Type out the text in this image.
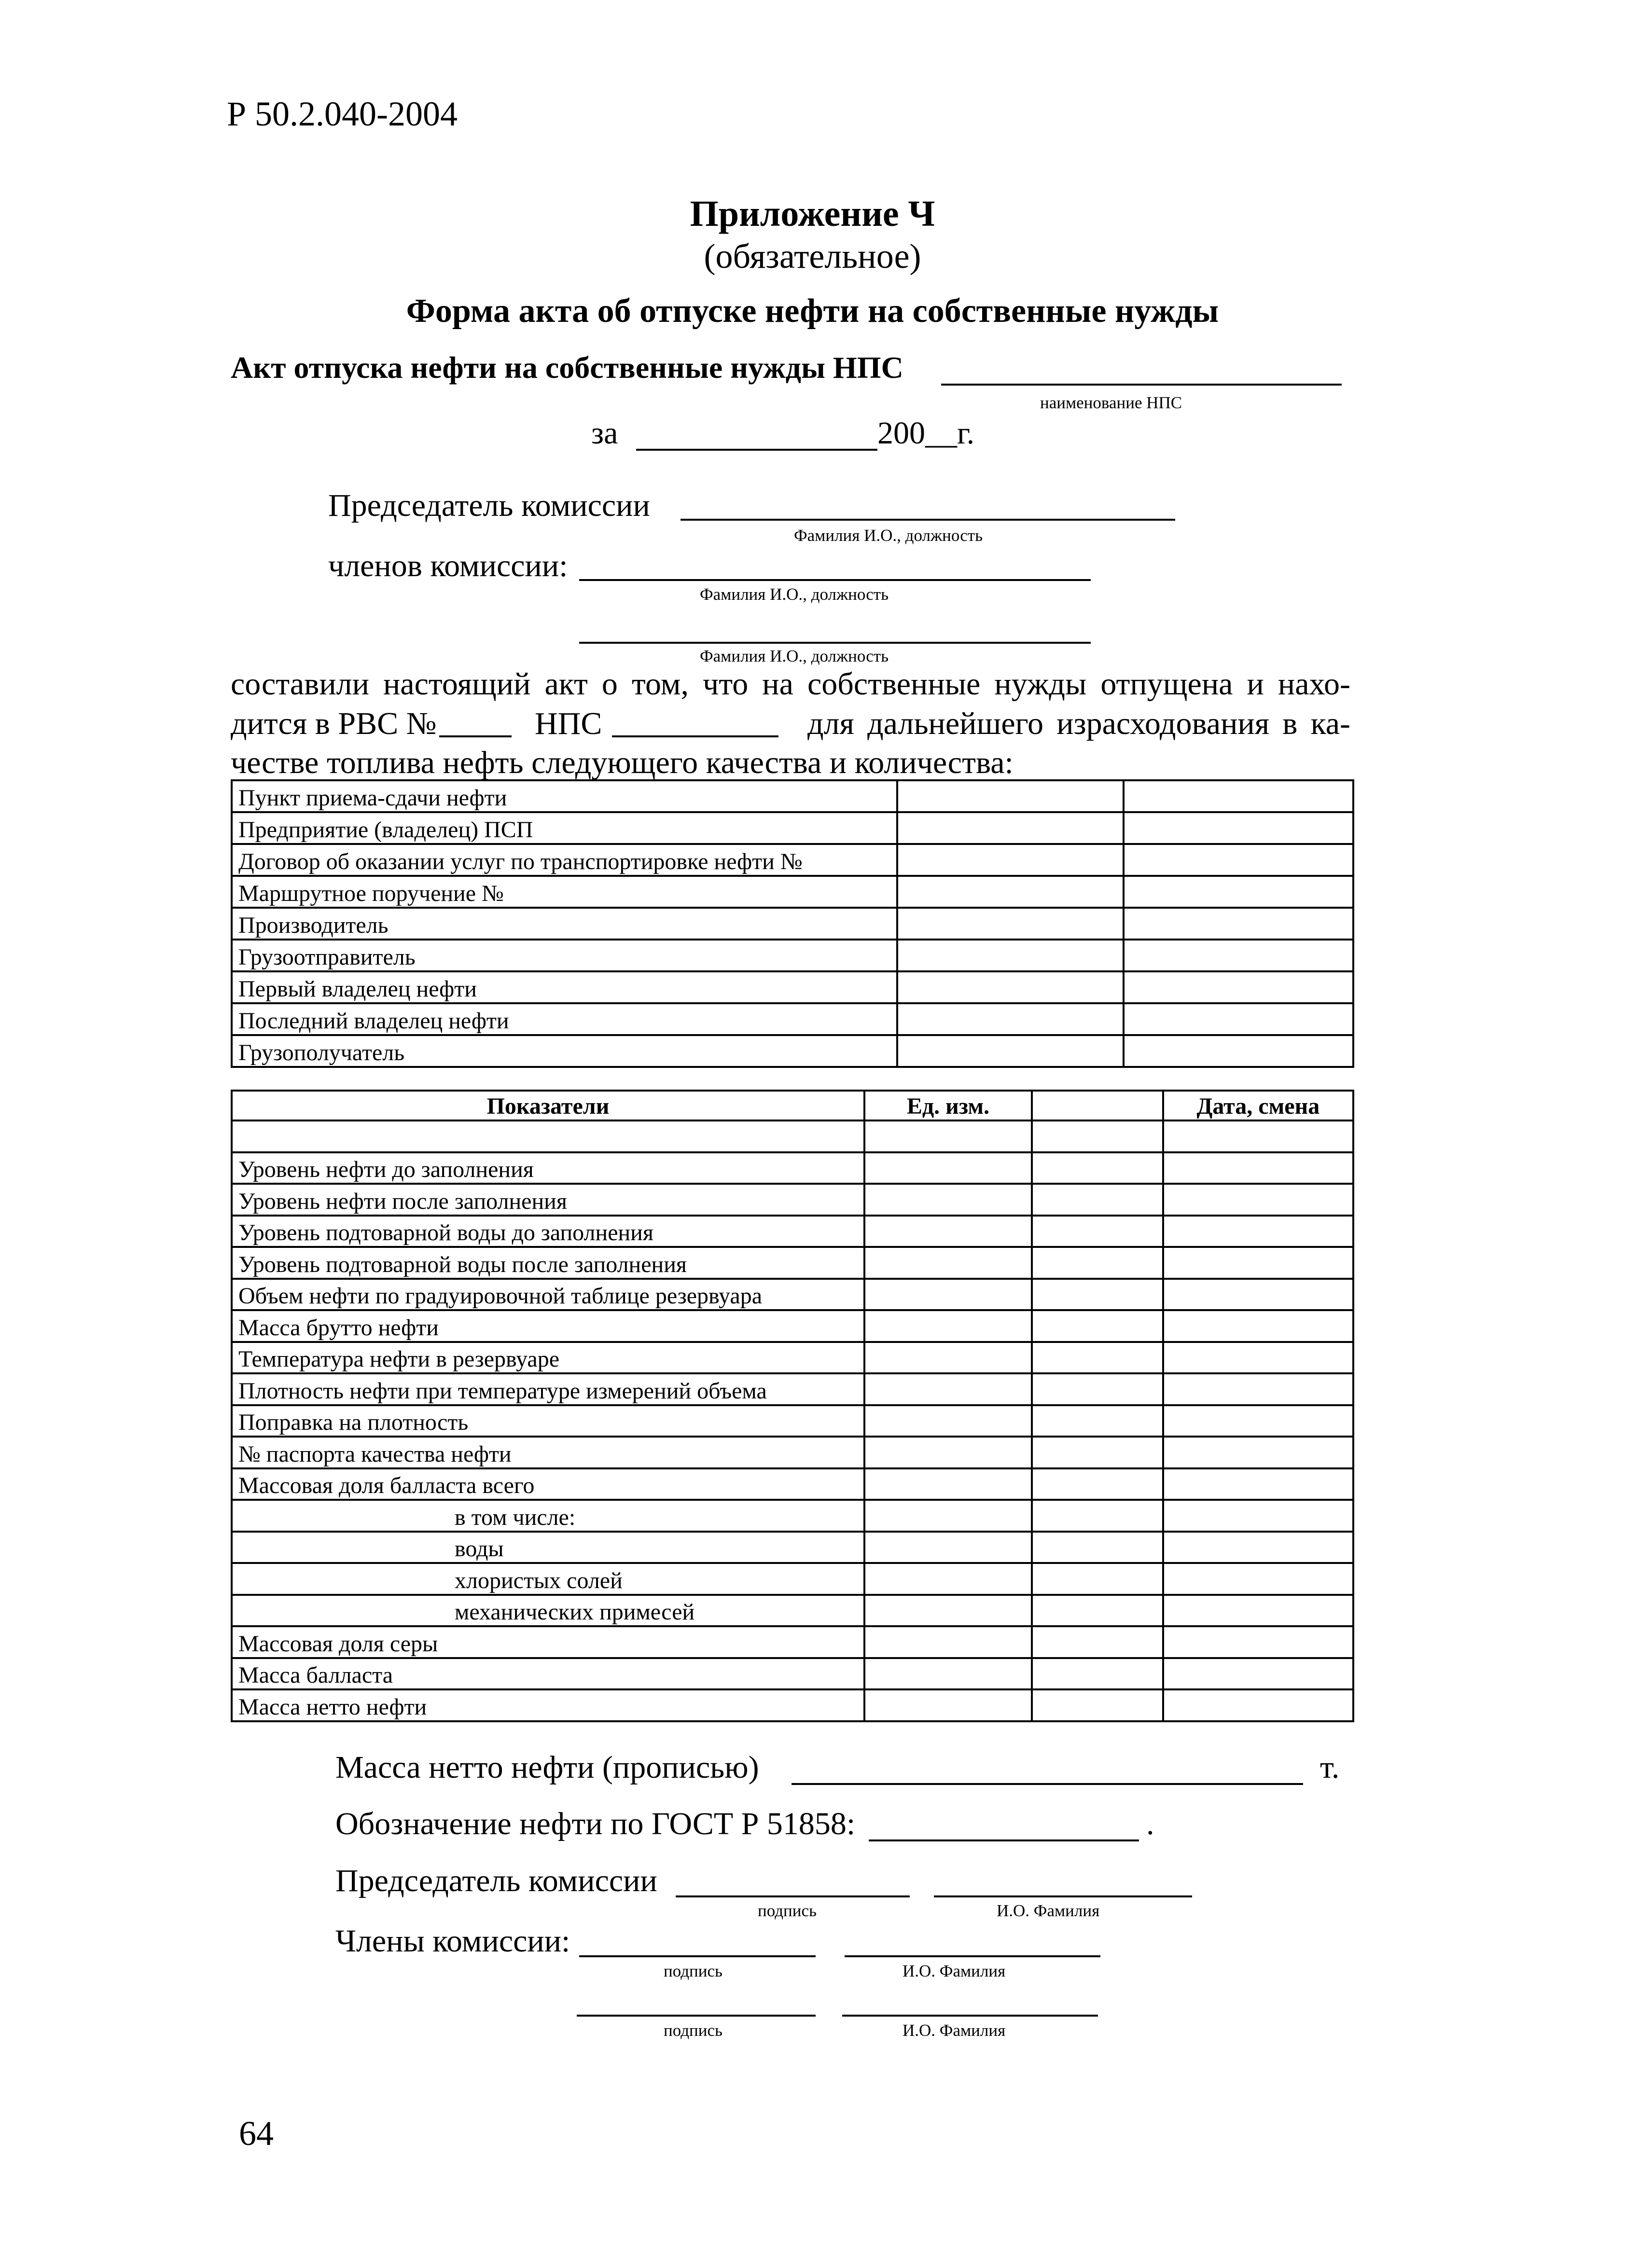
Р 50.2.040-2004
Приложение Ч
(обязательное)
Форма акта об отпуске нефти на собственные нужды
Акт отпуска нефти на собственные нужды НПС
наименование НПС
за	200__г.
Председатель комиссии
Фамилия И.О., должность
членов комиссии:
Фамилия И.О., должность
Фамилия И.О., должность
составили настоящий акт о том, что на собственные нужды отпущена и нахо-
дится в РВС №	НПС	для дальнейшего израсходования в ка-
честве топлива нефть следующего качества и количества:
Пункт приема-сдачи нефти		
Предприятие (владелец) ПСП		
Договор об оказании услуг по транспортировке нефти №		
Маршрутное поручение №		
Производитель		
Грузоотправитель		
Первый владелец нефти		
Последний владелец нефти		
Грузополучатель		
Показатели	Ед. изм.		Дата, смена

Уровень нефти до заполнения			
Уровень нефти после заполнения			
Уровень подтоварной воды до заполнения			
Уровень подтоварной воды после заполнения			
Объем нефти по градуировочной таблице резервуара			
Масса брутто нефти			
Температура нефти в резервуаре			
Плотность нефти при температуре измерений объема			
Поправка на плотность			
№ паспорта качества нефти			
Массовая доля балласта всего			
в том числе:			
воды			
хлористых солей			
механических примесей			
Массовая доля серы			
Масса балласта			
Масса нетто нефти			
Масса нетто нефти (прописью)	т.
Обозначение нефти по ГОСТ Р 51858:	.
Председатель комиссии
подпись	И.О. Фамилия
Члены комиссии:
подпись	И.О. Фамилия
подпись	И.О. Фамилия
64
